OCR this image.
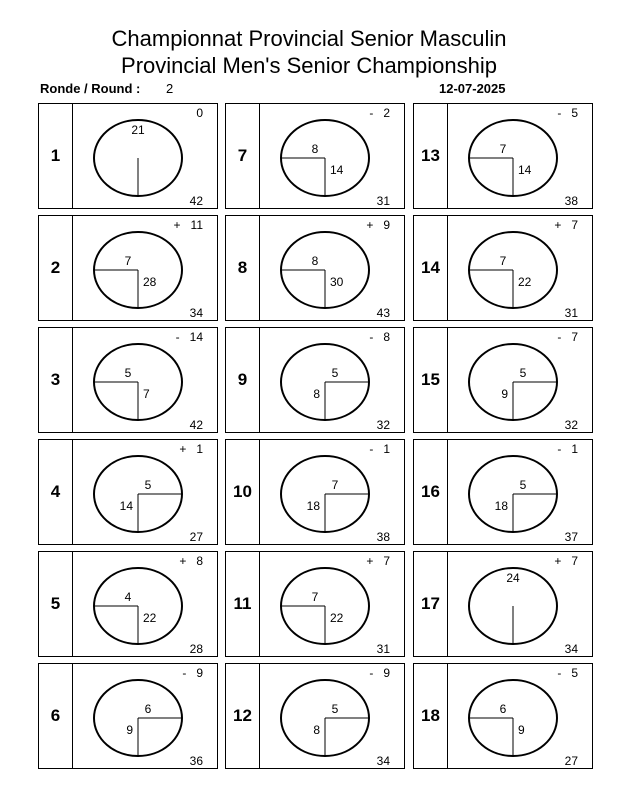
Championnat Provincial Senior Masculin
Provincial Men's Senior Championship
Ronde / Round : 2	12-07-2025
1
0
42
21
2
+   11
34
7
28
3
-   14
42
5
7
4
+   1
27
5
14
5
+   8
28
4
22
6
-   9
36
6
9
7
-   2
31
8
14
8
+   9
43
8
30
9
-   8
32
5
8
10
-   1
38
7
18
11
+   7
31
7
22
12
-   9
34
5
8
13
-   5
38
7
14
14
+   7
31
7
22
15
-   7
32
5
9
16
-   1
37
5
18
17
+   7
34
24
18
-   5
27
6
9
